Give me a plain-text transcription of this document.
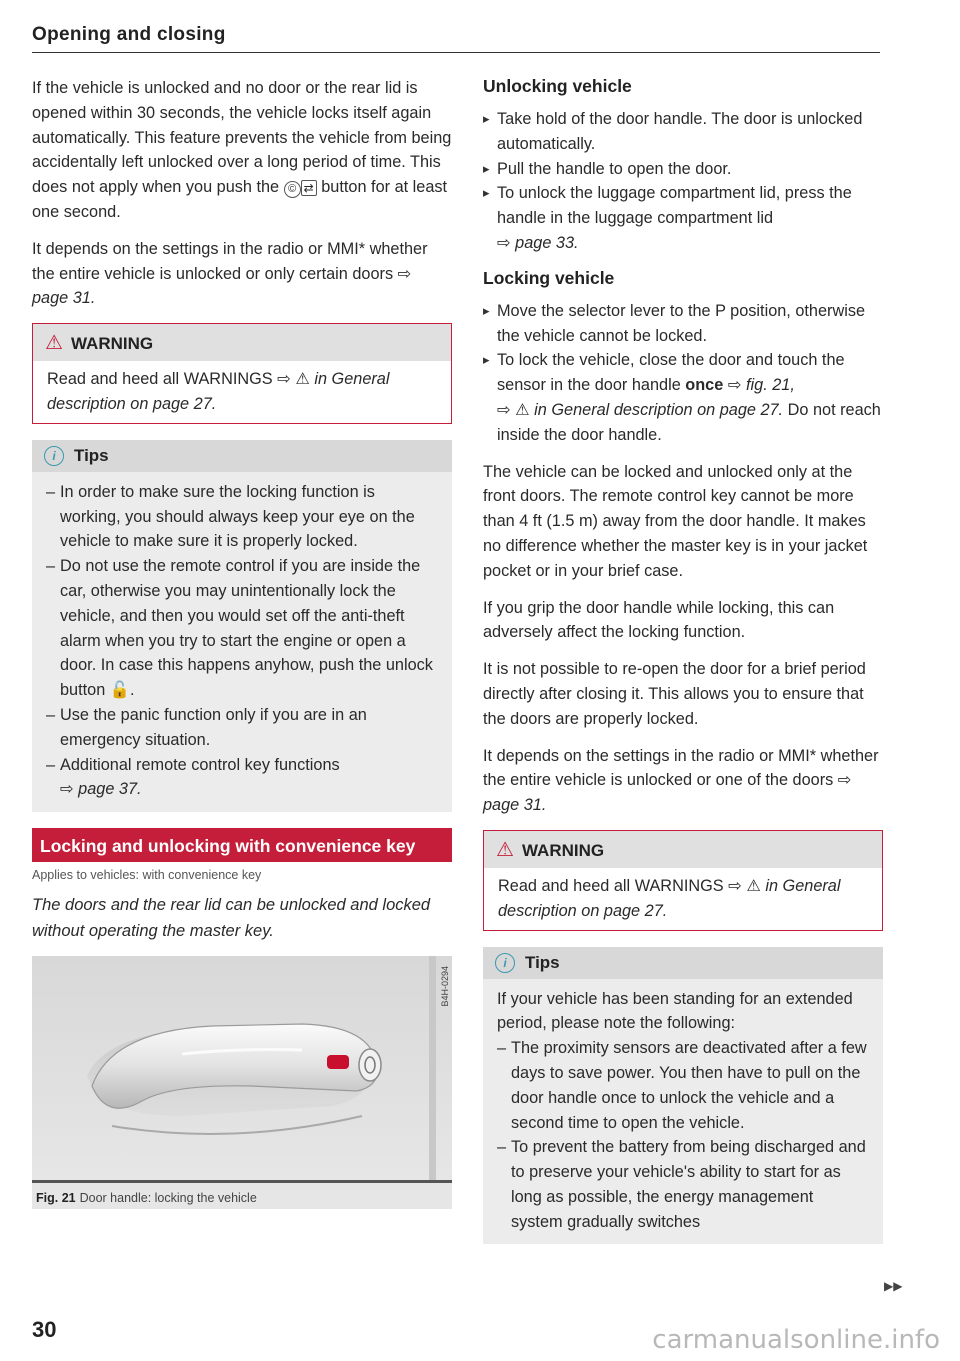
Opening and closing

If the vehicle is unlocked and no door or the rear lid is opened within 30 seconds, the vehicle locks itself again automatically. This feature prevents the vehicle from being accidentally left unlocked over a long period of time. This does not apply when you push the © ⇄ button for at least one second.

It depends on the settings in the radio or MMI* whether the entire vehicle is unlocked or only certain doors ⇨ page 31.

⚠ WARNING
Read and heed all WARNINGS ⇨ ⚠ in General description on page 27.
i	Tips
– In order to make sure the locking function is working, you should always keep your eye on the vehicle to make sure it is properly locked.
– Do not use the remote control if you are inside the car, otherwise you may unintentionally lock the vehicle, and then you would set off the anti-theft alarm when you try to start the engine or open a door. In case this happens anyhow, push the unlock button 🔓.
– Use the panic function only if you are in an emergency situation.
– Additional remote control key functions
⇨ page 37.
Locking and unlocking with convenience key
Applies to vehicles: with convenience key

The doors and the rear lid can be unlocked and locked without operating the master key.

B4H-0294
Fig. 21 Door handle: locking the vehicle
Unlocking vehicle
▸ Take hold of the door handle. The door is unlocked automatically.
▸ Pull the handle to open the door.
▸ To unlock the luggage compartment lid, press the handle in the luggage compartment lid
⇨ page 33.
Locking vehicle
▸ Move the selector lever to the P position, otherwise the vehicle cannot be locked.
▸ To lock the vehicle, close the door and touch the sensor in the door handle once ⇨ fig. 21,
⇨ ⚠ in General description on page 27. Do not reach inside the door handle.

The vehicle can be locked and unlocked only at the front doors. The remote control key cannot be more than 4 ft (1.5 m) away from the door handle. It makes no difference whether the master key is in your jacket pocket or in your brief case.

If you grip the door handle while locking, this can adversely affect the locking function.

It is not possible to re-open the door for a brief period directly after closing it. This allows you to ensure that the doors are properly locked.

It depends on the settings in the radio or MMI* whether the entire vehicle is unlocked or one of the doors ⇨ page 31.

⚠ WARNING
Read and heed all WARNINGS ⇨ ⚠ in General description on page 27.
i	Tips

If your vehicle has been standing for an extended period, please note the following:

– The proximity sensors are deactivated after a few days to save power. You then have to pull on the door handle once to unlock the vehicle and a second time to open the vehicle.
– To prevent the battery from being discharged and to preserve your vehicle's ability to start for as long as possible, the energy management system gradually switches
▶▶
30	carmanualsonline.info
